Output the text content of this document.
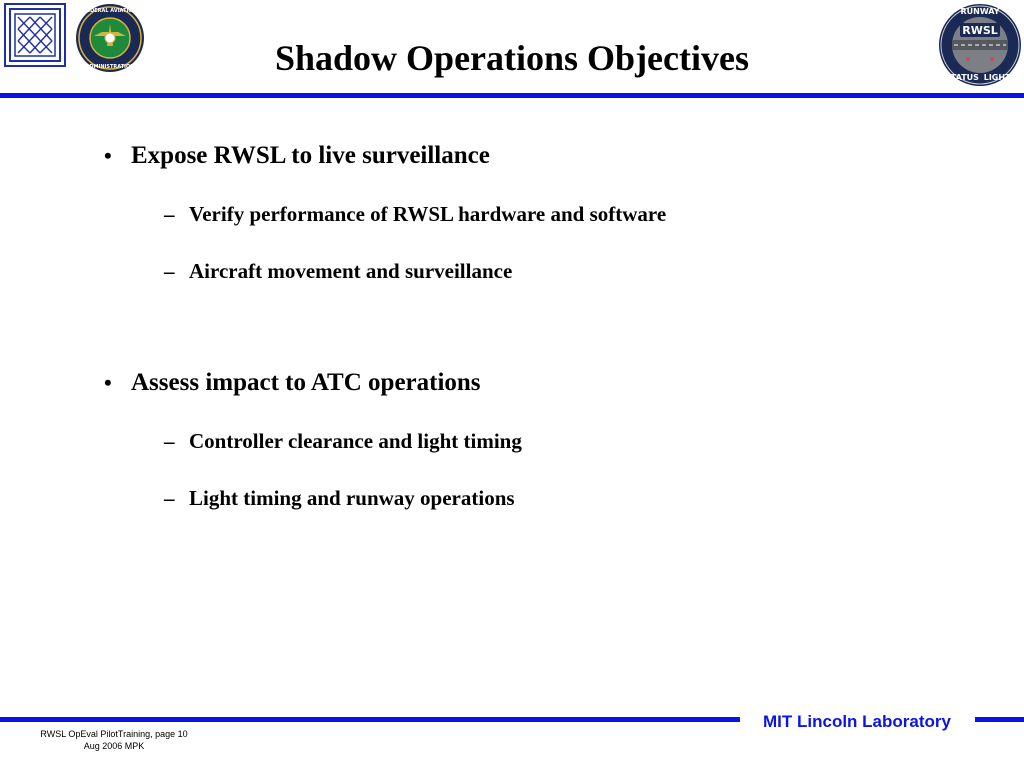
FEDERAL AVIATION
ADMINISTRATION	Shadow Operations Objectives
RWSL
RUNWAY
STATUS LIGHTS
• Expose RWSL to live surveillance
– Verify performance of RWSL hardware and software
– Aircraft movement and surveillance
• Assess impact to ATC operations
– Controller clearance and light timing
– Light timing and runway operations
MIT Lincoln Laboratory
RWSL OpEval PilotTraining, page 10
Aug 2006 MPK
